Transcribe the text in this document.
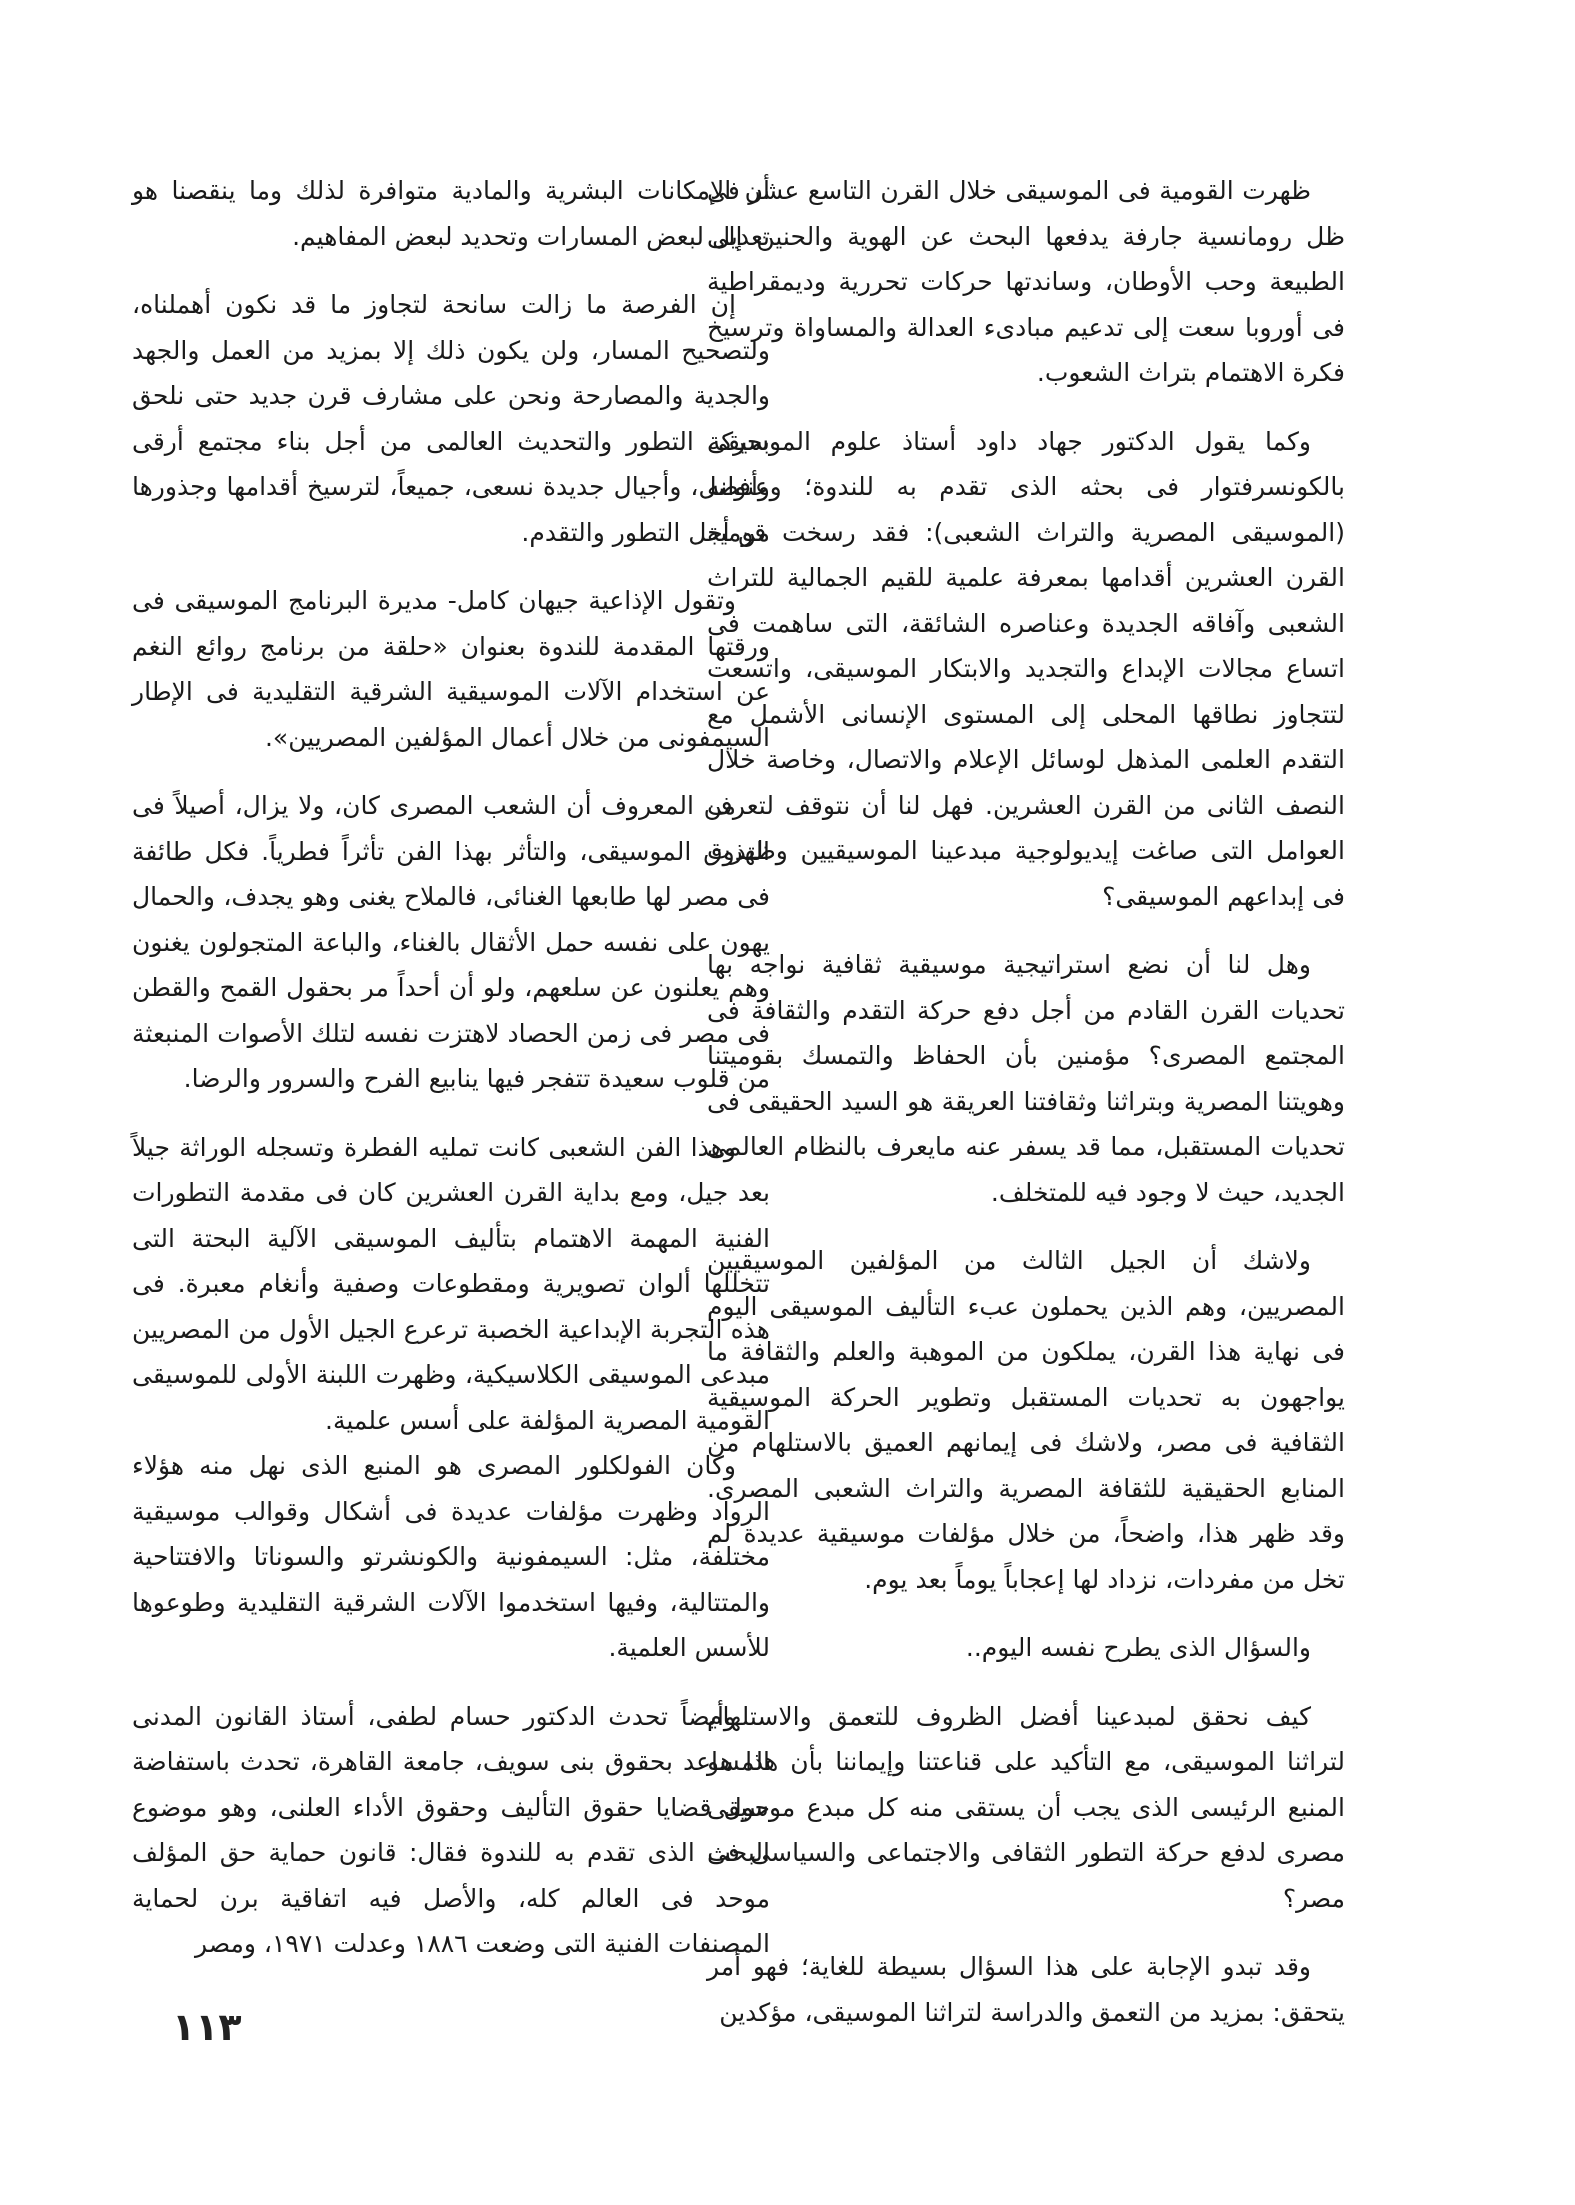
ظهرت القومية فى الموسيقى خلال القرن التاسع عشر فى ظل رومانسية جارفة يدفعها البحث عن الهوية والحنين إلى الطبيعة وحب الأوطان، وساندتها حركات تحررية وديمقراطية فى أوروبا سعت إلى تدعيم مبادىء العدالة والمساواة وترسيخ فكرة الاهتمام بتراث الشعوب.

وكما يقول الدكتور جهاد داود أستاذ علوم الموسيقى بالكونسرفتوار فى بحثه الذى تقدم به للندوة؛ وعنوانه (الموسيقى المصرية والتراث الشعبى): فقد رسخت قومية القرن العشرين أقدامها بمعرفة علمية للقيم الجمالية للتراث الشعبى وآفاقه الجديدة وعناصره الشائقة، التى ساهمت فى اتساع مجالات الإبداع والتجديد والابتكار الموسيقى، واتسعت لتتجاوز نطاقها المحلى إلى المستوى الإنسانى الأشمل مع التقدم العلمى المذهل لوسائل الإعلام والاتصال، وخاصة خلال النصف الثانى من القرن العشرين. فهل لنا أن نتوقف لتعرف العوامل التى صاغت إيديولوجية مبدعينا الموسيقيين وظهرت فى إبداعهم الموسيقى؟

وهل لنا أن نضع استراتيجية موسيقية ثقافية نواجه بها تحديات القرن القادم من أجل دفع حركة التقدم والثقافة فى المجتمع المصرى؟ مؤمنين بأن الحفاظ والتمسك بقوميتنا وهويتنا المصرية وبتراثنا وثقافتنا العريقة هو السيد الحقيقى فى تحديات المستقبل، مما قد يسفر عنه مايعرف بالنظام العالمى الجديد، حيث لا وجود فيه للمتخلف.

ولاشك أن الجيل الثالث من المؤلفين الموسيقيين المصريين، وهم الذين يحملون عبء التأليف الموسيقى اليوم فى نهاية هذا القرن، يملكون من الموهبة والعلم والثقافة ما يواجهون به تحديات المستقبل وتطوير الحركة الموسيقية الثقافية فى مصر، ولاشك فى إيمانهم العميق بالاستلهام من المنابع الحقيقية للثقافة المصرية والتراث الشعبى المصرى. وقد ظهر هذا، واضحاً، من خلال مؤلفات موسيقية عديدة لم تخل من مفردات، نزداد لها إعجاباً يوماً بعد يوم.

والسؤال الذى يطرح نفسه اليوم..

كيف نحقق لمبدعينا أفضل الظروف للتعمق والاستلهام لتراثنا الموسيقى، مع التأكيد على قناعتنا وإيماننا بأن هذا هو المنبع الرئيسى الذى يجب أن يستقى منه كل مبدع موسيقى مصرى لدفع حركة التطور الثقافى والاجتماعى والسياسى فى مصر؟

وقد تبدو الإجابة على هذا السؤال بسيطة للغاية؛ فهو أمر يتحقق: بمزيد من التعمق والدراسة لتراثنا الموسيقى، مؤكدين

أن الإمكانات البشرية والمادية متوافرة لذلك وما ينقصنا هو تعديل لبعض المسارات وتحديد لبعض المفاهيم.

إن الفرصة ما زالت سانحة لتجاوز ما قد نكون أهملناه، ولتصحيح المسار، ولن يكون ذلك إلا بمزيد من العمل والجهد والجدية والمصارحة ونحن على مشارف قرن جديد حتى نلحق بحركة التطور والتحديث العالمى من أجل بناء مجتمع أرقى وأفضل، وأجيال جديدة نسعى، جميعاً، لترسيخ أقدامها وجذورها من أجل التطور والتقدم.

وتقول الإذاعية جيهان كامل- مديرة البرنامج الموسيقى فى ورقتها المقدمة للندوة بعنوان «حلقة من برنامج روائع النغم عن استخدام الآلات الموسيقية الشرقية التقليدية فى الإطار السيمفونى من خلال أعمال المؤلفين المصريين».

من المعروف أن الشعب المصرى كان، ولا يزال، أصيلاً فى التذوق الموسيقى، والتأثر بهذا الفن تأثراً فطرياً. فكل طائفة فى مصر لها طابعها الغنائى، فالملاح يغنى وهو يجدف، والحمال يهون على نفسه حمل الأثقال بالغناء، والباعة المتجولون يغنون وهم يعلنون عن سلعهم، ولو أن أحداً مر بحقول القمح والقطن فى مصر فى زمن الحصاد لاهتزت نفسه لتلك الأصوات المنبعثة من قلوب سعيدة تتفجر فيها ينابيع الفرح والسرور والرضا.

وهذا الفن الشعبى كانت تمليه الفطرة وتسجله الوراثة جيلاً بعد جيل، ومع بداية القرن العشرين كان فى مقدمة التطورات الفنية المهمة الاهتمام بتأليف الموسيقى الآلية البحتة التى تتخللها ألوان تصويرية ومقطوعات وصفية وأنغام معبرة. فى هذه التجربة الإبداعية الخصبة ترعرع الجيل الأول من المصريين مبدعى الموسيقى الكلاسيكية، وظهرت اللبنة الأولى للموسيقى القومية المصرية المؤلفة على أسس علمية.

وكان الفولكلور المصرى هو المنبع الذى نهل منه هؤلاء الرواد وظهرت مؤلفات عديدة فى أشكال وقوالب موسيقية مختلفة، مثل: السيمفونية والكونشرتو والسوناتا والافتتاحية والمتتالية، وفيها استخدموا الآلات الشرقية التقليدية وطوعوها للأسس العلمية.

وأيضاً تحدث الدكتور حسام لطفى، أستاذ القانون المدنى المساعد بحقوق بنى سويف، جامعة القاهرة، تحدث باستفاضة حول قضايا حقوق التأليف وحقوق الأداء العلنى، وهو موضوع البحث الذى تقدم به للندوة فقال: قانون حماية حق المؤلف موحد فى العالم كله، والأصل فيه اتفاقية برن لحماية المصنفات الفنية التى وضعت ١٨٨٦ وعدلت ١٩٧١، ومصر

١١٣
